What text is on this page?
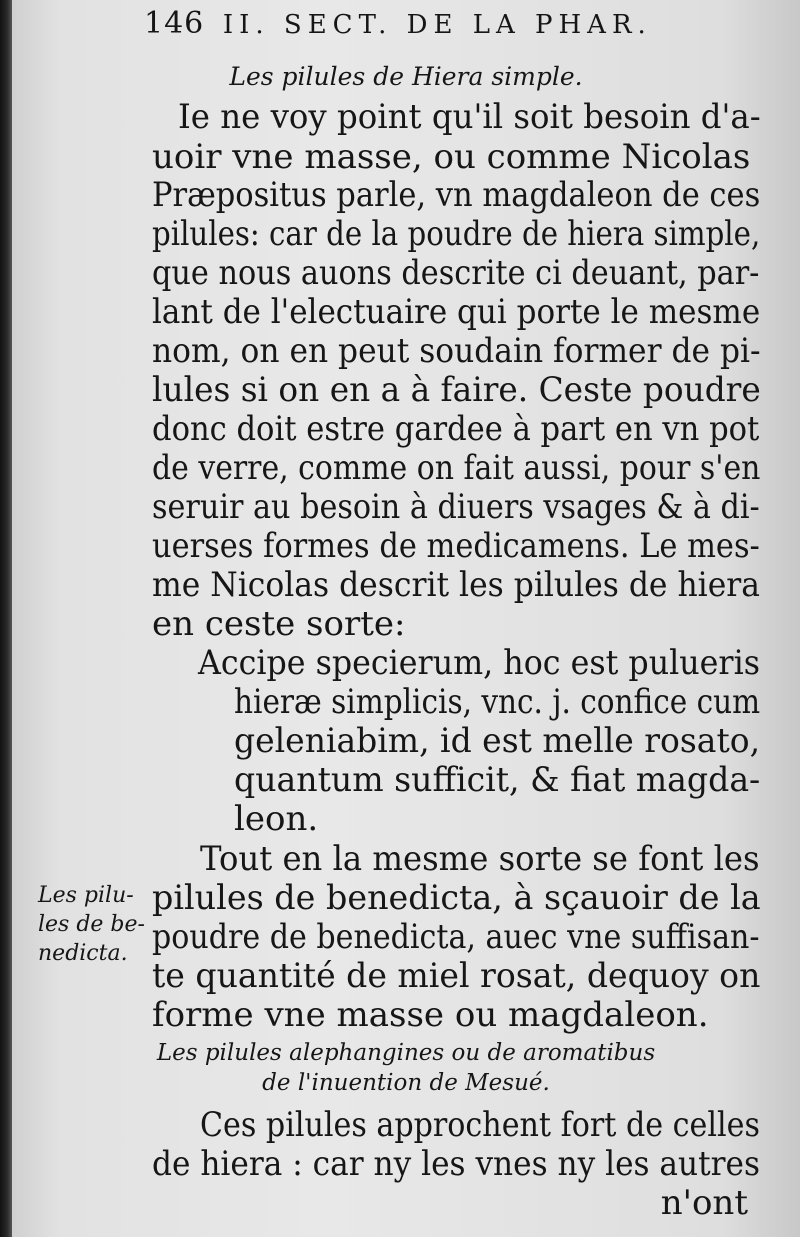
146 II. SECT. DE LA PHAR.
Les pilules de Hiera simple.
Ie ne voy point qu'il soit besoin d'a-
uoir vne masse, ou comme Nicolas
Præpositus parle, vn magdaleon de ces
pilules: car de la poudre de hiera simple,
que nous auons descrite ci deuant, par-
lant de l'electuaire qui porte le mesme
nom, on en peut soudain former de pi-
lules si on en a à faire. Ceste poudre
donc doit estre gardee à part en vn pot
de verre, comme on fait aussi, pour s'en
seruir au besoin à diuers vsages & à di-
uerses formes de medicamens. Le mes-
me Nicolas descrit les pilules de hiera
en ceste sorte:
Accipe specierum, hoc est pulueris
hieræ simplicis, vnc. j. confice cum
geleniabim, id est melle rosato,
quantum sufficit, & fiat magda-
leon.
Tout en la mesme sorte se font les
pilules de benedicta, à sçauoir de la
poudre de benedicta, auec vne suffisan-
te quantité de miel rosat, dequoy on
forme vne masse ou magdaleon.
Les pilu-
les de be-
nedicta.
Les pilules alephangines ou de aromatibus
de l'inuention de Mesué.
Ces pilules approchent fort de celles
de hiera : car ny les vnes ny les autres
n'ont
